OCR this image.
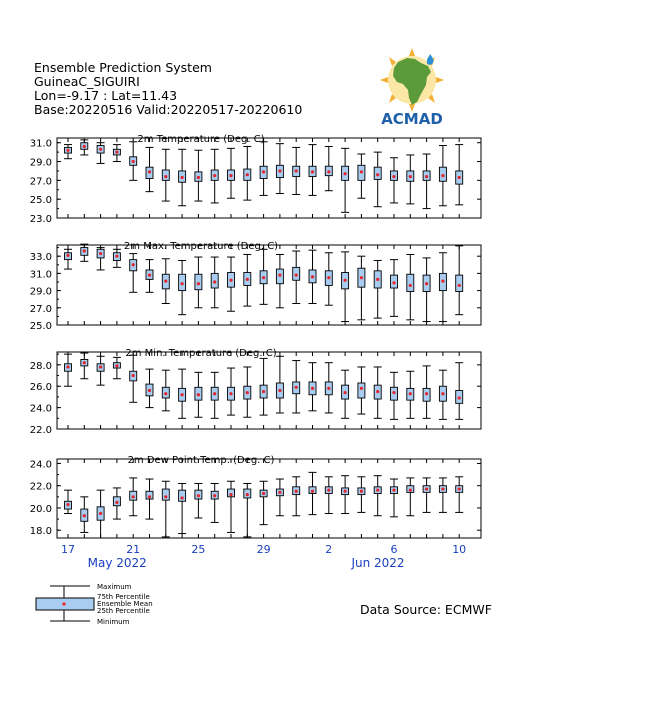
Ensemble Prediction System
GuineaC_SIGUIRI
Lon=-9.17 : Lat=11.43
Base:20220516 Valid:20220517-20220610
ACMAD
2m Temperature (Deg. C)
31.0
29.0
27.0
25.0
23.0
2m Max. Temperature (Deg. C)
33.0
31.0
29.0
27.0
25.0
2m Min. Temperature (Deg. C)
28.0
26.0
24.0
22.0
2m Dew Point Temp. (Deg. C)
24.0
22.0
20.0
18.0
17	21	25	29	2	6	10
May 2022	Jun 2022
Maximum
75th Percentile
Ensemble Mean
25th Percentile
Minimum
Data Source: ECMWF
